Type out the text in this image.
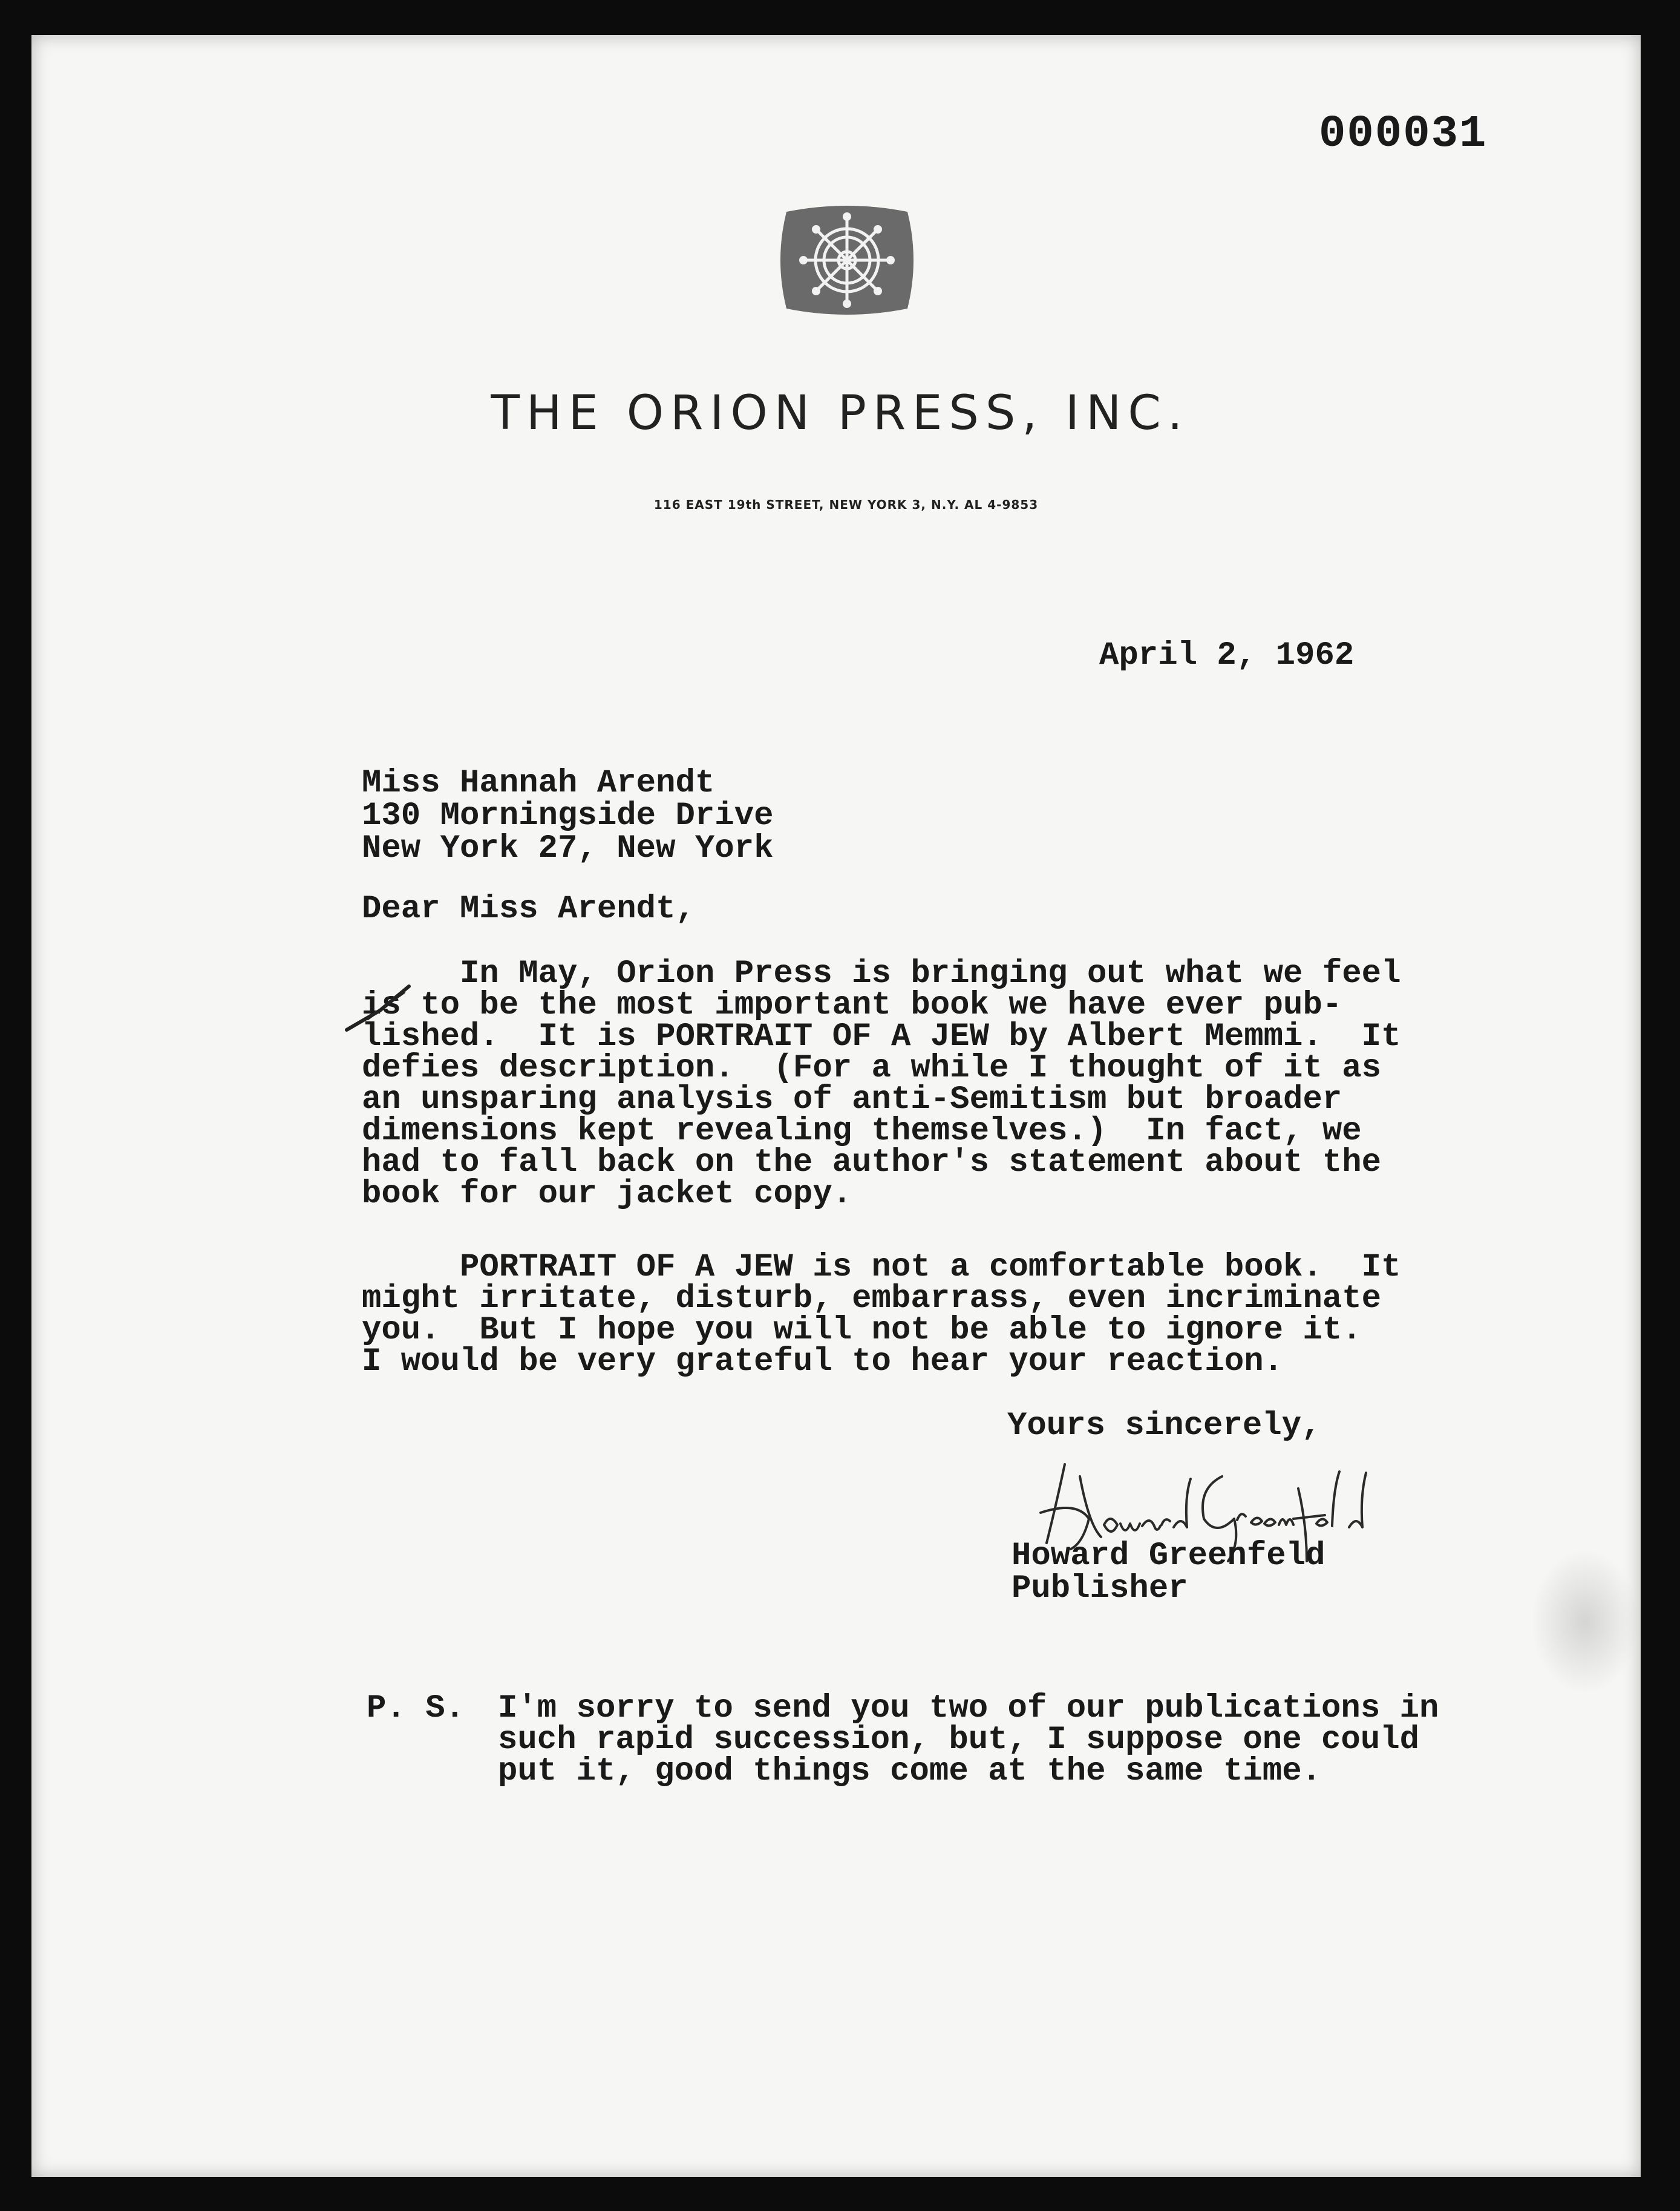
000031
THE ORION PRESS, INC.
116 EAST 19th STREET, NEW YORK 3, N.Y. AL 4-9853
April 2, 1962
Miss Hannah Arendt
130 Morningside Drive
New York 27, New York
Dear Miss Arendt,
In May, Orion Press is bringing out what we feel
is to be the most important book we have ever pub-
lished.  It is PORTRAIT OF A JEW by Albert Memmi.  It
defies description.  (For a while I thought of it as
an unsparing analysis of anti-Semitism but broader
dimensions kept revealing themselves.)  In fact, we
had to fall back on the author's statement about the
book for our jacket copy.
PORTRAIT OF A JEW is not a comfortable book.  It
might irritate, disturb, embarrass, even incriminate
you.  But I hope you will not be able to ignore it.
I would be very grateful to hear your reaction.
Yours sincerely,
Howard Greenfeld
Publisher
P. S. I'm sorry to send you two of our publications in
such rapid succession, but, I suppose one could
put it, good things come at the same time.
